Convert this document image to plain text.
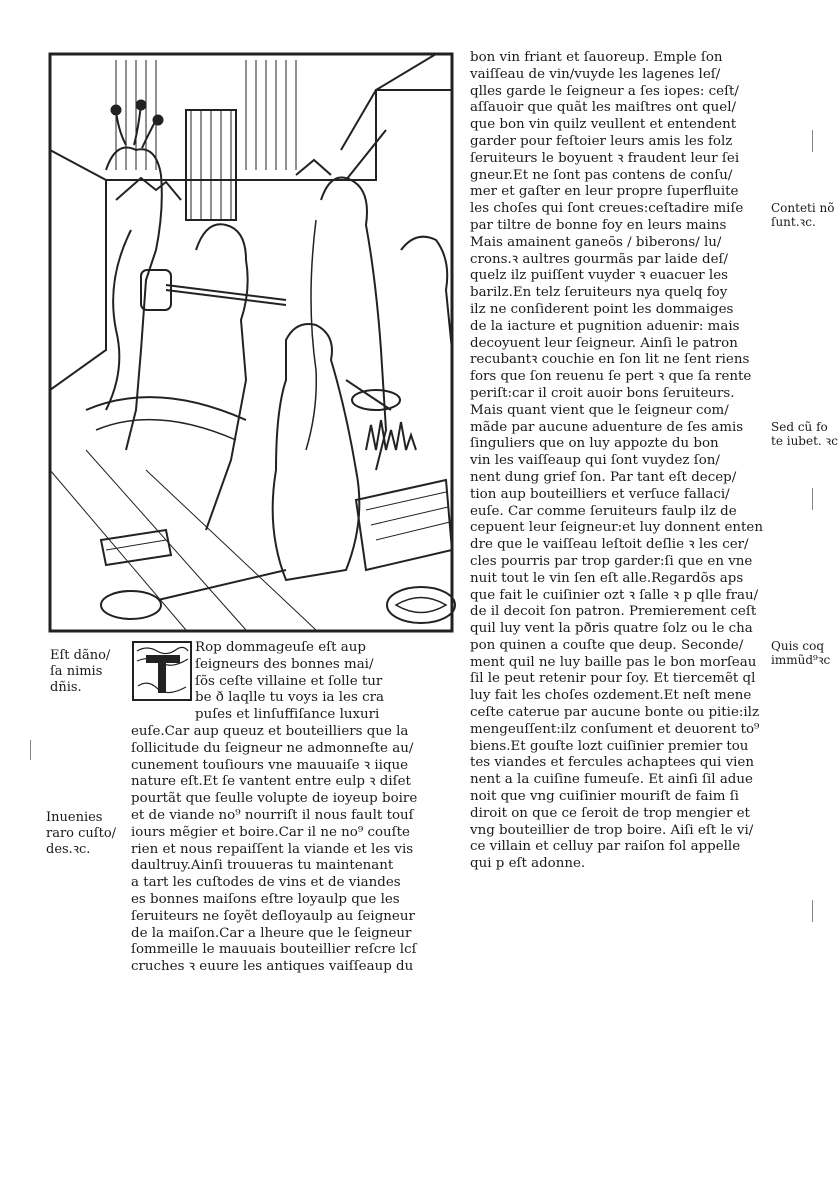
Eſt dãno/
ſa nimis
dñis.
Inuenies
raro cuſto/
des.ꝛc.
Rop dommageuſe eſt aup
ſeigneurs des bonnes mai/
ſõs ceſte villaine et ſolle tur
be ð laqlle tu voys ia les cra
puſes et linſuffiſance luxuri
euſe.Car aup queuz et bouteilliers que la
ſollicitude du ſeigneur ne admonneſte au/
cunement touſiours vne mauuaiſe ꝛ iique
nature eſt.Et ſe vantent entre eulp ꝛ diſet
pourtãt que ſeulle volupte de ioyeup boire
et de viande no⁹ nourriſt il nous fault touſ
iours mẽgier et boire.Car il ne no⁹ couſte
rien et nous repaiſſent la viande et les vis
daultruy.Ainſi trouueras tu maintenant
a tart les cuſtodes de vins et de viandes
es bonnes maiſons eſtre loyaulp que les
ſeruiteurs ne ſoyẽt deſloyaulp au ſeigneur
de la maiſon.Car a lheure que le ſeigneur
ſommeille le mauuais bouteillier reſcre lcſ
cruches ꝛ euure les antiques vaiſſeaup du
bon vin friant et ſauoreup. Emple ſon
vaiſſeau de vin/vuyde les lagenes leſ/
qlles garde le ſeigneur a ſes iopes: ceſt/
aſſauoir que quãt les maiſtres ont quel/
que bon vin quilz veullent et entendent
garder pour feſtoier leurs amis les folz
ſeruiteurs le boyuent ꝛ fraudent leur ſei
gneur.Et ne ſont pas contens de conſu/
mer et gaſter en leur propre ſuperfluite
les choſes qui ſont creues:ceſtadire miſe
par tiltre de bonne foy en leurs mains
Mais amainent ganeõs / biberons/ lu/
crons.ꝛ aultres gourmãs par laide deſ/
quelz ilz puiſſent vuyder ꝛ euacuer les
barilz.En telz ſeruiteurs nya quelq foy
ilz ne conſiderent point les dommaiges
de la iacture et pugnition aduenir: mais
decoyuent leur ſeigneur. Ainſi le patron
recubantꝛ couchie en ſon lit ne ſent riens
fors que ſon reuenu ſe pert ꝛ que ſa rente
periſt:car il croit auoir bons ſeruiteurs.
Mais quant vient que le ſeigneur com/
mãde par aucune aduenture de ſes amis
ſinguliers que on luy appozte du bon
vin les vaiſſeaup qui ſont vuydez ſon/
nent dung grief ſon. Par tant eſt decep/
tion aup bouteilliers et verſuce fallaci/
euſe. Car comme ſeruiteurs faulp ilz de
cepuent leur ſeigneur:et luy donnent enten
dre que le vaiſſeau leſtoit deſlie ꝛ les cer/
cles pourris par trop garder:ſi que en vne
nuit tout le vin ſen eſt alle.Regardõs aps
que fait le cuiſinier ozt ꝛ ſalle ꝛ p qlle frau/
de il decoit ſon patron. Premierement ceſt
quil luy vent la pðris quatre ſolz ou le cha
pon quinen a couſte que deup. Seconde/
ment quil ne luy baille pas le bon morſeau
ſil le peut retenir pour ſoy. Et tiercemẽt ql
luy fait les choſes ozdement.Et neſt mene
ceſte caterue par aucune bonte ou pitie:ilz
mengeuſſent:ilz conſument et deuorent to⁹
biens.Et gouſte lozt cuiſinier premier tou
tes viandes et fercules achaptees qui vien
nent a la cuiſine fumeuſe. Et ainſi ſil adue
noit que vng cuiſinier mouriſt de faim ſi
diroit on que ce ſeroit de trop mengier et
vng bouteillier de trop boire. Aiſi eſt le vi/
ce villain et celluy par raiſon fol appelle
qui p eſt adonne.
Conteti nõ
ſunt.ꝛc.
Sed cũ fo
te iubet. ꝛc
Quis coq
immũd⁹ꝛc
